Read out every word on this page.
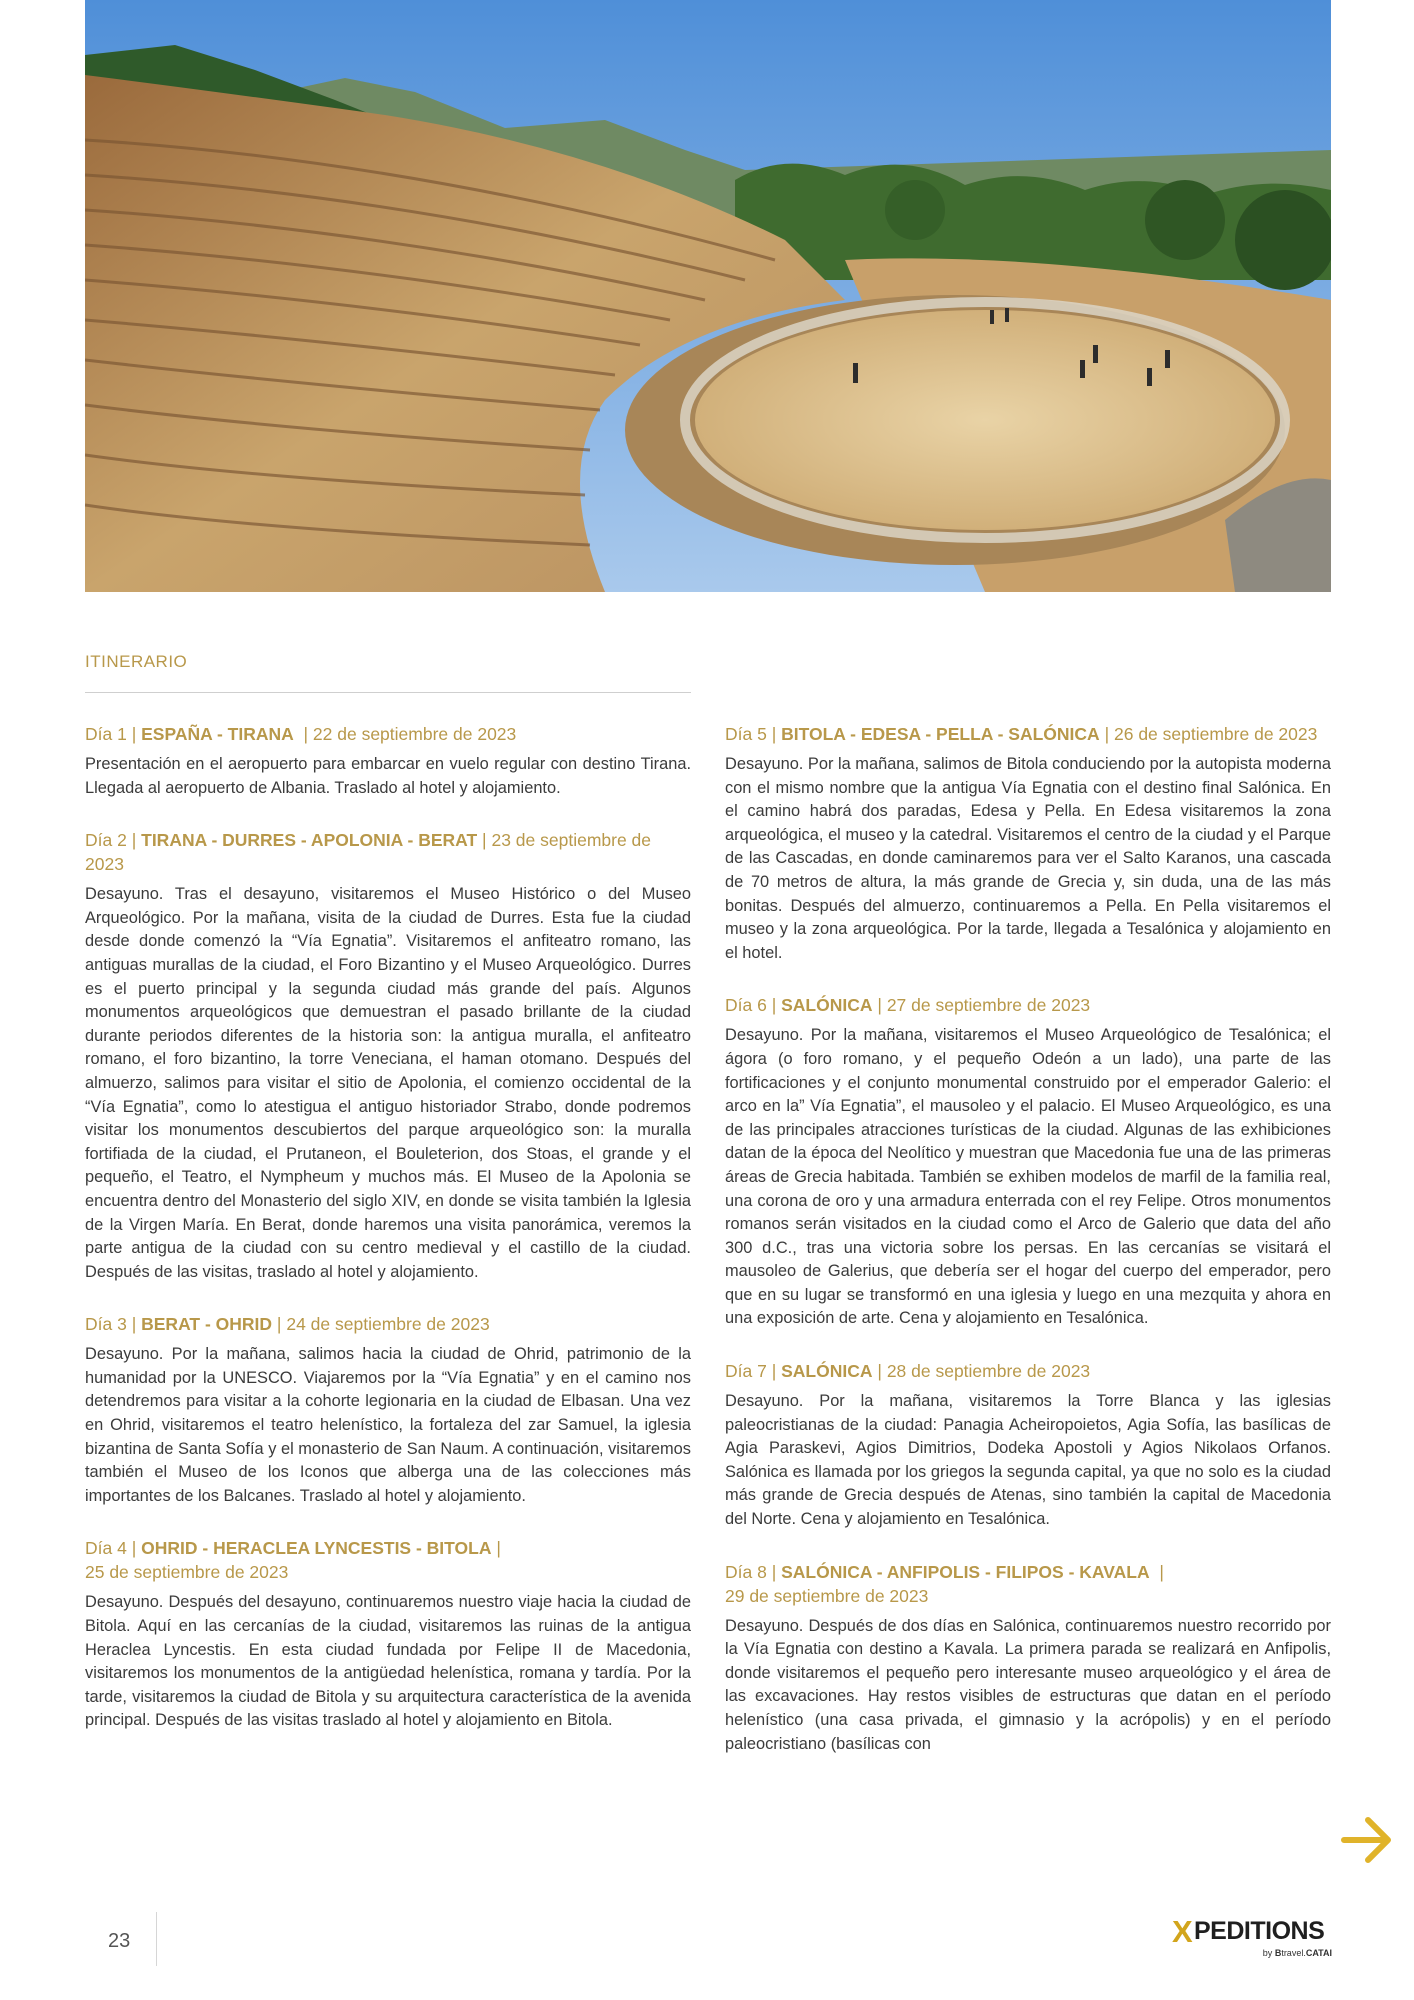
ITINERARIO
Día 1 | ESPAÑA - TIRANA  | 22 de septiembre de 2023

Presentación en el aeropuerto para embarcar en vuelo regular con destino Tirana. Llegada al aeropuerto de Albania. Traslado al hotel y alojamiento.

Día 2 | TIRANA - DURRES - APOLONIA - BERAT | 23 de septiembre de 2023

Desayuno. Tras el desayuno, visitaremos el Museo Histórico o del Museo Arqueológico. Por la mañana, visita de la ciudad de Durres. Esta fue la ciudad desde donde comenzó la “Vía Egnatia”. Visitaremos el anfiteatro romano, las antiguas murallas de la ciudad, el Foro Bizantino y el Museo Arqueológico. Durres es el puerto principal y la segunda ciudad más grande del país. Algunos monumentos arqueológicos que demuestran el pasado brillante de la ciudad durante periodos diferentes de la historia son: la antigua muralla, el anfiteatro romano, el foro bizantino, la torre Veneciana, el haman otomano. Después del almuerzo, salimos para visitar el sitio de Apolonia, el comienzo occidental de la “Vía Egnatia”, como lo atestigua el antiguo historiador Strabo, donde podremos visitar los monumentos descubiertos del parque arqueológico son: la muralla fortifiada de la ciudad, el Prutaneon, el Bouleterion, dos Stoas, el grande y el pequeño, el Teatro, el Nympheum y muchos más. El Museo de la Apolonia se encuentra dentro del Monasterio del siglo XIV, en donde se visita también la Iglesia de la Virgen María. En Berat, donde haremos una visita panorámica, veremos la parte antigua de la ciudad con su centro medieval y el castillo de la ciudad. Después de las visitas, traslado al hotel y alojamiento.

Día 3 | BERAT - OHRID | 24 de septiembre de 2023

Desayuno. Por la mañana, salimos hacia la ciudad de Ohrid, patrimonio de la humanidad por la UNESCO. Viajaremos por la “Vía Egnatia” y en el camino nos detendremos para visitar a la cohorte legionaria en la ciudad de Elbasan. Una vez en Ohrid, visitaremos el teatro helenístico, la fortaleza del zar Samuel, la iglesia bizantina de Santa Sofía y el monasterio de San Naum. A continuación, visitaremos también el Museo de los Iconos que alberga una de las colecciones más importantes de los Balcanes. Traslado al hotel y alojamiento.

Día 4 | OHRID - HERACLEA LYNCESTIS - BITOLA |
25 de septiembre de 2023

Desayuno. Después del desayuno, continuaremos nuestro viaje hacia la ciudad de Bitola. Aquí en las cercanías de la ciudad, visitaremos las ruinas de la antigua Heraclea Lyncestis. En esta ciudad fundada por Felipe II de Macedonia, visitaremos los monumentos de la antigüedad helenística, romana y tardía. Por la tarde, visitaremos la ciudad de Bitola y su arquitectura característica de la avenida principal. Después de las visitas traslado al hotel y alojamiento en Bitola.

Día 5 | BITOLA - EDESA - PELLA - SALÓNICA | 26 de septiembre de 2023

Desayuno. Por la mañana, salimos de Bitola conduciendo por la autopista moderna con el mismo nombre que la antigua Vía Egnatia con el destino final Salónica. En el camino habrá dos paradas, Edesa y Pella. En Edesa visitaremos la zona arqueológica, el museo y la catedral. Visitaremos el centro de la ciudad y el Parque de las Cascadas, en donde caminaremos para ver el Salto Karanos, una cascada de 70 metros de altura, la más grande de Grecia y, sin duda, una de las más bonitas. Después del almuerzo, continuaremos a Pella. En Pella visitaremos el museo y la zona arqueológica. Por la tarde, llegada a Tesalónica y alojamiento en el hotel.

Día 6 | SALÓNICA | 27 de septiembre de 2023

Desayuno. Por la mañana, visitaremos el Museo Arqueológico de Tesalónica; el ágora (o foro romano, y el pequeño Odeón a un lado), una parte de las fortificaciones y el conjunto monumental construido por el emperador Galerio: el arco en la” Vía Egnatia”, el mausoleo y el palacio. El Museo Arqueológico, es una de las principales atracciones turísticas de la ciudad. Algunas de las exhibiciones datan de la época del Neolítico y muestran que Macedonia fue una de las primeras áreas de Grecia habitada. También se exhiben modelos de marfil de la familia real, una corona de oro y una armadura enterrada con el rey Felipe. Otros monumentos romanos serán visitados en la ciudad como el Arco de Galerio que data del año 300 d.C., tras una victoria sobre los persas. En las cercanías se visitará el mausoleo de Galerius, que debería ser el hogar del cuerpo del emperador, pero que en su lugar se transformó en una iglesia y luego en una mezquita y ahora en una exposición de arte. Cena y alojamiento en Tesalónica.

Día 7 | SALÓNICA | 28 de septiembre de 2023

Desayuno. Por la mañana, visitaremos la Torre Blanca y las iglesias paleocristianas de la ciudad: Panagia Acheiropoietos, Agia Sofía, las basílicas de Agia Paraskevi, Agios Dimitrios, Dodeka Apostoli y Agios Nikolaos Orfanos. Salónica es llamada por los griegos la segunda capital, ya que no solo es la ciudad más grande de Grecia después de Atenas, sino también la capital de Macedonia del Norte. Cena y alojamiento en Tesalónica.

Día 8 | SALÓNICA - ANFIPOLIS - FILIPOS - KAVALA  |
29 de septiembre de 2023

Desayuno. Después de dos días en Salónica, continuaremos nuestro recorrido por la Vía Egnatia con destino a Kavala. La primera parada se realizará en Anfipolis, donde visitaremos el pequeño pero interesante museo arqueológico y el área de las excavaciones. Hay restos visibles de estructuras que datan en el período helenístico (una casa privada, el gimnasio y la acrópolis) y en el período paleocristiano (basílicas con

23	X PEDITIONS
by Btravel.CATAI
